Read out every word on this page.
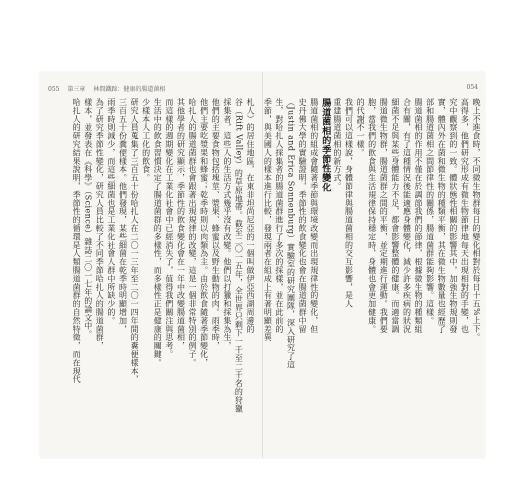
055 第三章 林間鐵蹄：健康的腸道菌相	054
晚上不進食時，不同微生物群每日的變化相對於每日十五%上下。
高得多，他們研究形成有微生物節律地每天出現相對的手變，也
究中觀察到的一致。體狀態性相關的影響其中，加強生物規則發
實，體內外在菌和微生物的種類平衡，其在微生物數量也經歷了
部和腸道菌相之間節律性的關係，腸道菌群能夠影響。這樣。
腸道菌相的作用不僅在於調節我們的節律，根據微生物的種類組
合有關，有了這種情況後能適應身體變化，減少許多疾病的狀況
細菌不足與某些身體能力不足，都會影響整體的健康。而適當調
腸道微生物群，腸道菌群之間的平衡，並定期進行運動。我們要
胞，當我們的飲食與生活規律保持穩定時，身體也會更加健康。
的代謝不一樣。
我們可以這樣說，身體節律與腸道菌相的交互影響，是人
重建腸道菌相的新方式。
腸道菌相的季節性變化
腸道菌相的組成會隨著季節與環境改變而出現規律性的變化，但
史丹佛大學的實驗證明，季節性的飲食變化也會在腸道菌群中留
（Justin and Erica Sonnenburg）實驗室的研究團隊，深入研究了這
生，對哈扎人採集者的腸道菌群進行了多次的採樣，並在此前的
季節，與美國人的樣本進行比較，發現兩者在組成上有著明顯差異
札人）的居住地區，在東非坦尚尼亞的一個叫做伊亞西湖周邊的
谷（Rift Valley）的草原地帶。截至二〇一五年，全世界只剩下一千至二千名的狩獵
採集者，這些人的生活方式幾乎沒有改變。他們以打獵和採集為生，
他們的主要食物包括塊莖、漿果、蜂蜜以及野生動物的肉。雨季時，
他們主要吃漿果和蜂蜜；乾季時則以肉類為主。由於飲食隨著季節變化，
哈扎人的腸道菌群也會跟著出現規律的改變，這是一個非常特別的例子。
其他學者的研究顯示，季節性的飲食變化會在一年中改變腸道菌相，
而這樣的週期變化在工業化社會中已經消失了，值得我們關注與思考。
生活中的飲食習慣決定了腸道菌群的多樣性，而多樣性正是健康的關鍵。
少樣本人工化的飲食。
研究人員蒐集了三百五十份哈扎人在二〇一三年至二〇一四年間的糞便樣本，
三百五十份糞便樣本。他們發現，某些細菌在乾季時明顯增加，
雨季時則減少，而這些細菌也是工業化社會人群中所缺少的。
為了研究季節性變化，研究人員比較了不同季節哈扎人的腸道菌群，
樣本，並發表在《科學》（Science）雜誌二〇一七年的論文中。
哈扎人的研究結果說明，季節性的循環是人類腸道菌群的自然特徵，而在現代
